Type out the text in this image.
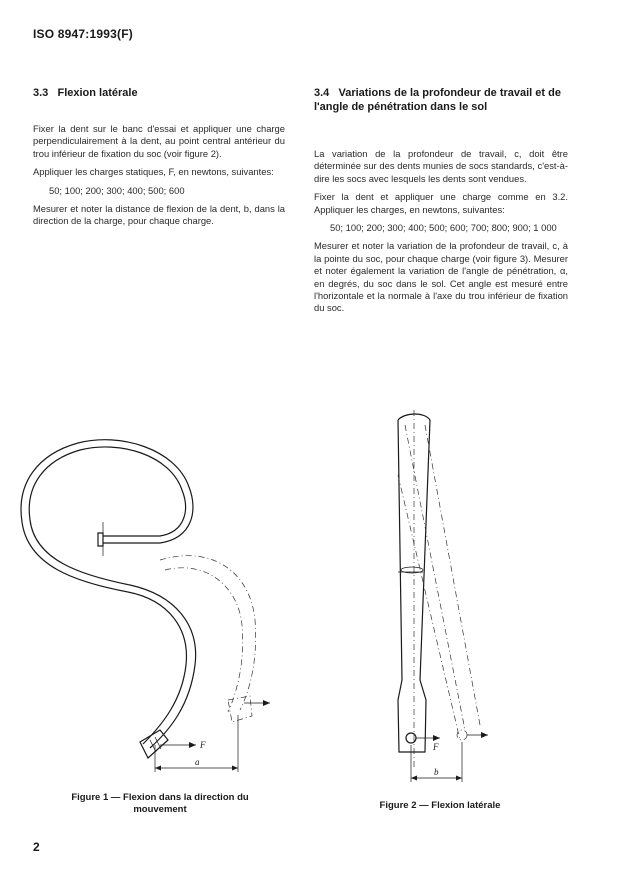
ISO 8947:1993(F)
3.3 Flexion latérale

Fixer la dent sur le banc d'essai et appliquer une charge perpendiculairement à la dent, au point central antérieur du trou inférieur de fixation du soc (voir figure 2).

Appliquer les charges statiques, F, en newtons, suivantes:

50; 100; 200; 300; 400; 500; 600

Mesurer et noter la distance de flexion de la dent, b, dans la direction de la charge, pour chaque charge.

3.4 Variations de la profondeur de travail et de l'angle de pénétration dans le sol

La variation de la profondeur de travail, c, doit être déterminée sur des dents munies de socs standards, c'est-à-dire les socs avec lesquels les dents sont vendues.

Fixer la dent et appliquer une charge comme en 3.2. Appliquer les charges, en newtons, suivantes:

50; 100; 200; 300; 400; 500; 600; 700; 800; 900; 1 000

Mesurer et noter la variation de la profondeur de travail, c, à la pointe du soc, pour chaque charge (voir figure 3). Mesurer et noter également la variation de l'angle de pénétration, α, en degrés, du soc dans le sol. Cet angle est mesuré entre l'horizontale et la normale à l'axe du trou inférieur de fixation du soc.

F
a
F
b
Figure 1 — Flexion dans la direction du
mouvement	Figure 2 — Flexion latérale
2
